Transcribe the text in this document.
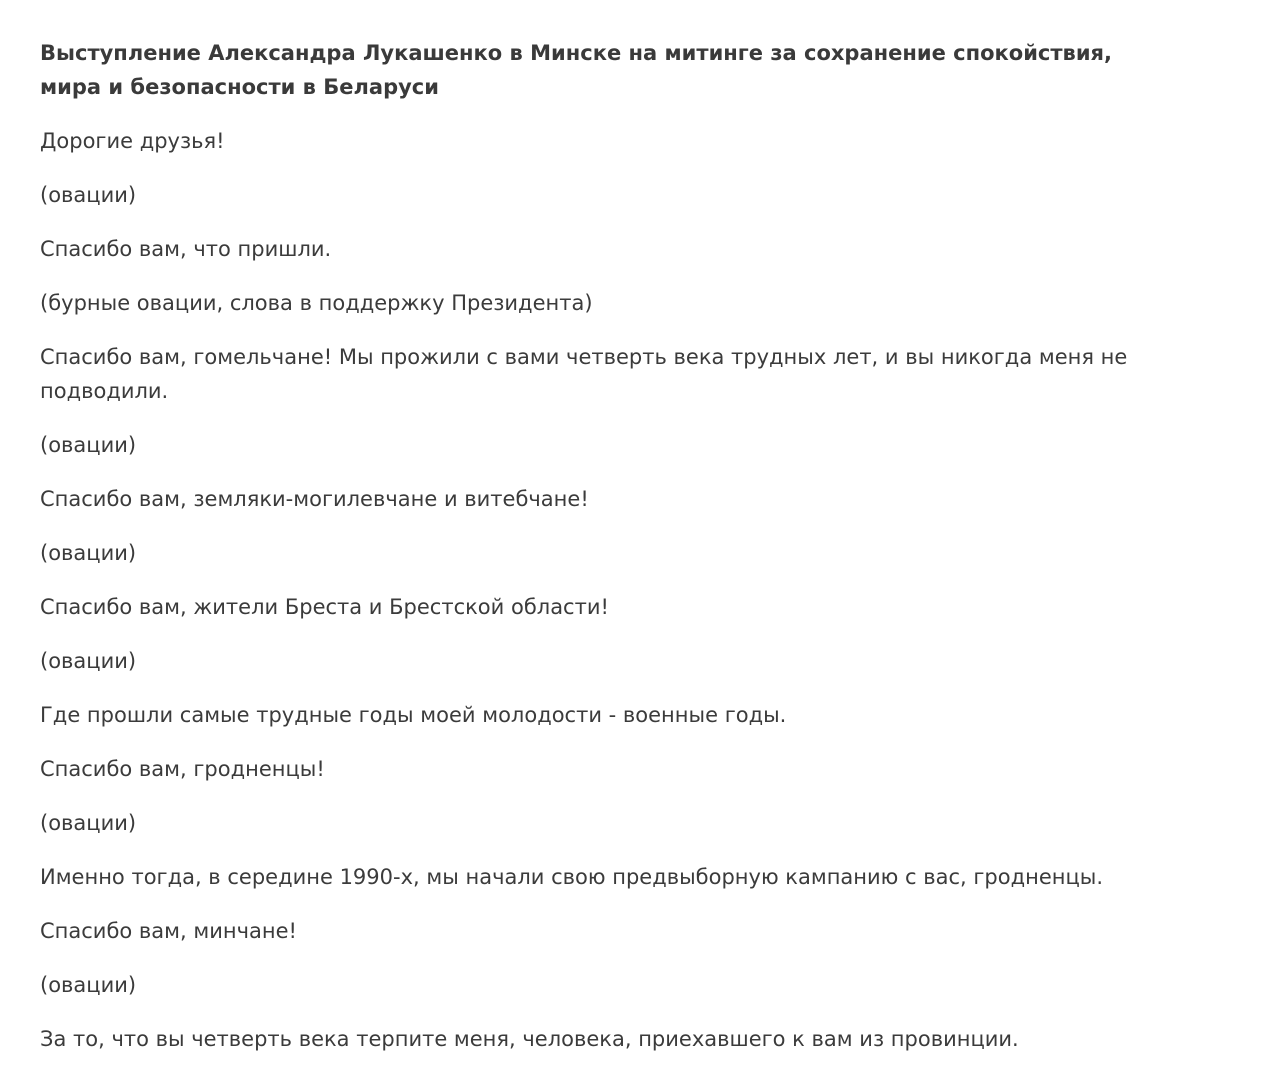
Выступление Александра Лукашенко в Минске на митинге за сохранение спокойствия, мира и безопасности в Беларуси

Дорогие друзья!

(овации)

Спасибо вам, что пришли.

(бурные овации, слова в поддержку Президента)

Спасибо вам, гомельчане! Мы прожили с вами четверть века трудных лет, и вы никогда меня не подводили.

(овации)

Спасибо вам, земляки-могилевчане и витебчане!

(овации)

Спасибо вам, жители Бреста и Брестской области!

(овации)

Где прошли самые трудные годы моей молодости - военные годы.

Спасибо вам, гродненцы!

(овации)

Именно тогда, в середине 1990-х, мы начали свою предвыборную кампанию с вас, гродненцы.

Спасибо вам, минчане!

(овации)

За то, что вы четверть века терпите меня, человека, приехавшего к вам из провинции.
